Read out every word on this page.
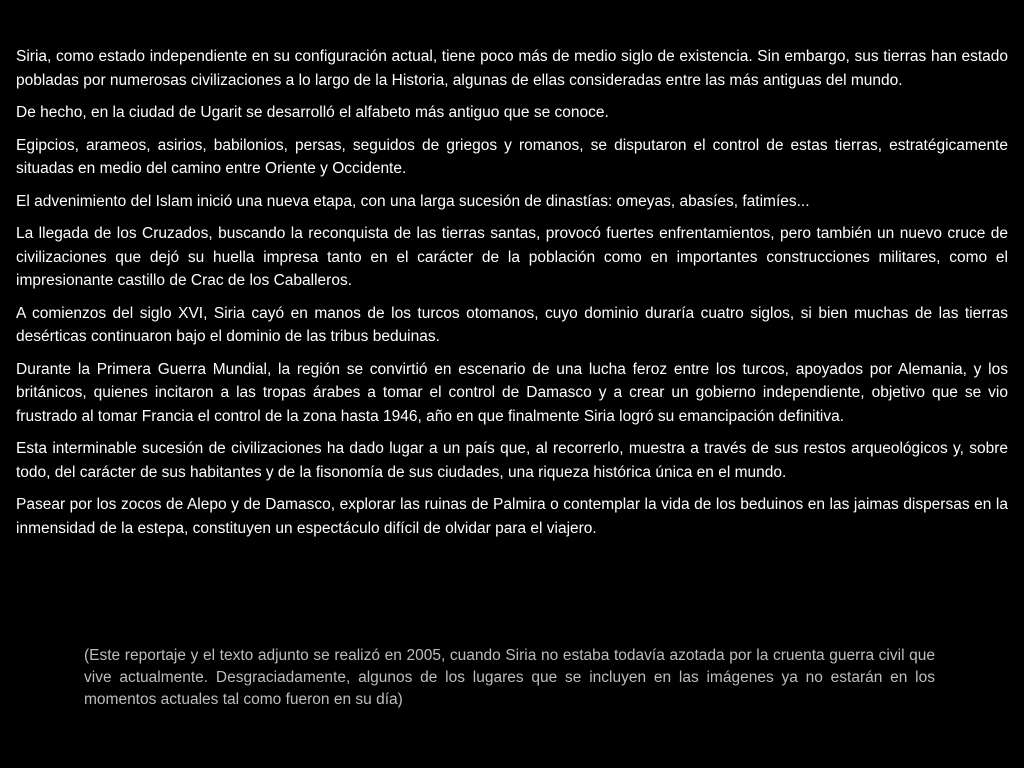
Siria, como estado independiente en su configuración actual, tiene poco más de medio siglo de existencia. Sin embargo, sus tierras han estado pobladas por numerosas civilizaciones a lo largo de la Historia, algunas de ellas consideradas entre las más antiguas del mundo.

De hecho, en la ciudad de Ugarit se desarrolló el alfabeto más antiguo que se conoce.

Egipcios, arameos, asirios, babilonios, persas, seguidos de griegos y romanos, se disputaron el control de estas tierras, estratégicamente situadas en medio del camino entre Oriente y Occidente.

El advenimiento del Islam inició una nueva etapa, con una larga sucesión de dinastías: omeyas, abasíes, fatimíes...

La llegada de los Cruzados, buscando la reconquista de las tierras santas, provocó fuertes enfrentamientos, pero también un nuevo cruce de civilizaciones que dejó su huella impresa tanto en el carácter de la población como en importantes construcciones militares, como el impresionante castillo de Crac de los Caballeros.

A comienzos del siglo XVI, Siria cayó en manos de los turcos otomanos, cuyo dominio duraría cuatro siglos, si bien muchas de las tierras desérticas continuaron bajo el dominio de las tribus beduinas.

Durante la Primera Guerra Mundial, la región se convirtió en escenario de una lucha feroz entre los turcos, apoyados por Alemania, y los británicos, quienes incitaron a las tropas árabes a tomar el control de Damasco y a crear un gobierno independiente, objetivo que se vio frustrado al tomar Francia el control de la zona hasta 1946, año en que finalmente Siria logró su emancipación definitiva.

Esta interminable sucesión de civilizaciones ha dado lugar a un país que, al recorrerlo, muestra a través de sus restos arqueológicos y, sobre todo, del carácter de sus habitantes y de la fisonomía de sus ciudades, una riqueza histórica única en el mundo.

Pasear por los zocos de Alepo y de Damasco, explorar las ruinas de Palmira o contemplar la vida de los beduinos en las jaimas dispersas en la inmensidad de la estepa, constituyen un espectáculo difícil de olvidar para el viajero.

(Este reportaje y el texto adjunto se realizó en 2005, cuando Siria no estaba todavía azotada por la cruenta guerra civil que vive actualmente. Desgraciadamente, algunos de los lugares que se incluyen en las imágenes ya no estarán en los momentos actuales tal como fueron en su día)
